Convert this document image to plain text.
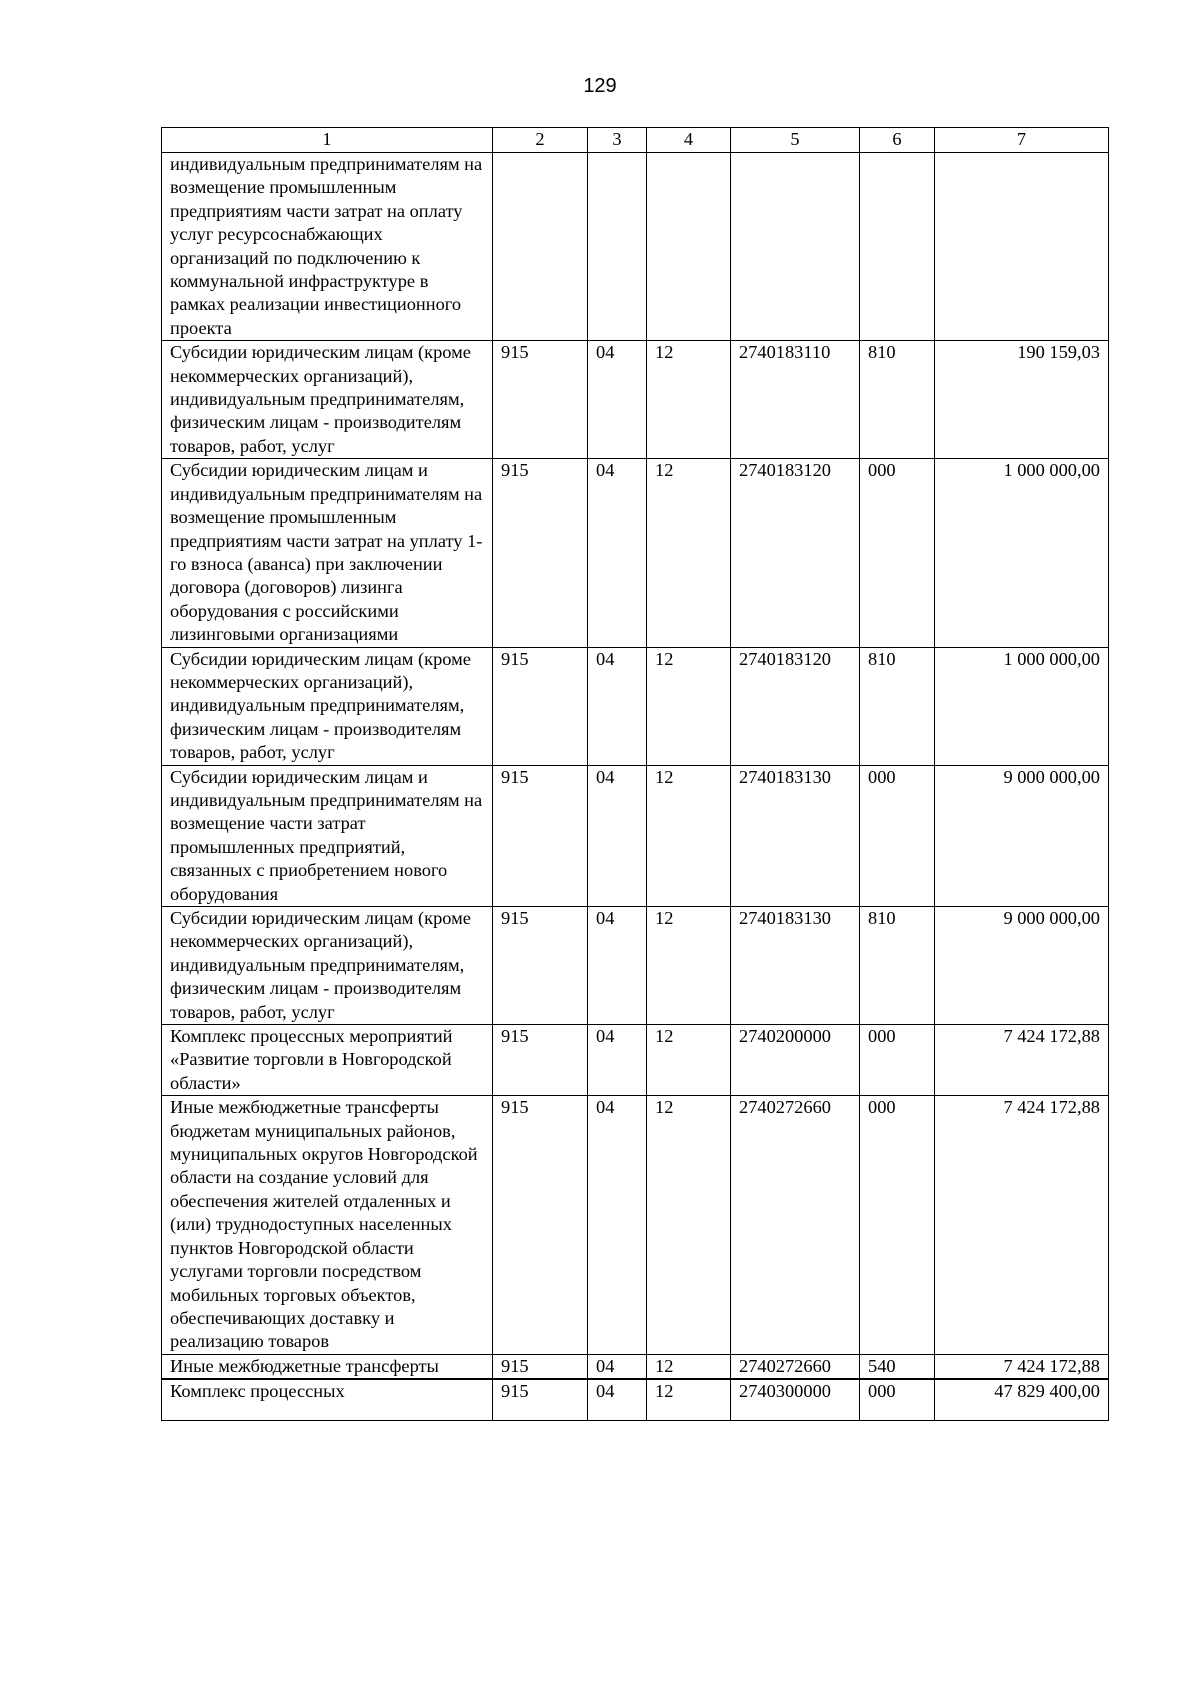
129
1	2	3	4	5	6	7
индивидуальным предпринимателям на возмещение промышленным предприятиям части затрат на оплату услуг ресурсоснабжающих организаций по подключению к коммунальной инфраструктуре в рамках реализации инвестиционного проекта						
Субсидии юридическим лицам (кроме некоммерческих организаций), индивидуальным предпринимателям, физическим лицам - производителям товаров, работ, услуг	915	04	12	2740183110	810	190 159,03
Субсидии юридическим лицам и индивидуальным предпринимателям на возмещение промышленным предприятиям части затрат на уплату 1-го взноса (аванса) при заключении договора (договоров) лизинга оборудования с российскими лизинговыми организациями	915	04	12	2740183120	000	1 000 000,00
Субсидии юридическим лицам (кроме некоммерческих организаций), индивидуальным предпринимателям, физическим лицам - производителям товаров, работ, услуг	915	04	12	2740183120	810	1 000 000,00
Субсидии юридическим лицам и индивидуальным предпринимателям на возмещение части затрат промышленных предприятий, связанных с приобретением нового оборудования	915	04	12	2740183130	000	9 000 000,00
Субсидии юридическим лицам (кроме некоммерческих организаций), индивидуальным предпринимателям, физическим лицам - производителям товаров, работ, услуг	915	04	12	2740183130	810	9 000 000,00
Комплекс процессных мероприятий «Развитие торговли в Новгородской области»	915	04	12	2740200000	000	7 424 172,88
Иные межбюджетные трансферты бюджетам муниципальных районов, муниципальных округов Новгородской области на создание условий для обеспечения жителей отдаленных и (или) труднодоступных населенных пунктов Новгородской области услугами торговли посредством мобильных торговых объектов, обеспечивающих доставку и реализацию товаров	915	04	12	2740272660	000	7 424 172,88
Иные межбюджетные трансферты	915	04	12	2740272660	540	7 424 172,88
Комплекс процессных	915	04	12	2740300000	000	47 829 400,00
